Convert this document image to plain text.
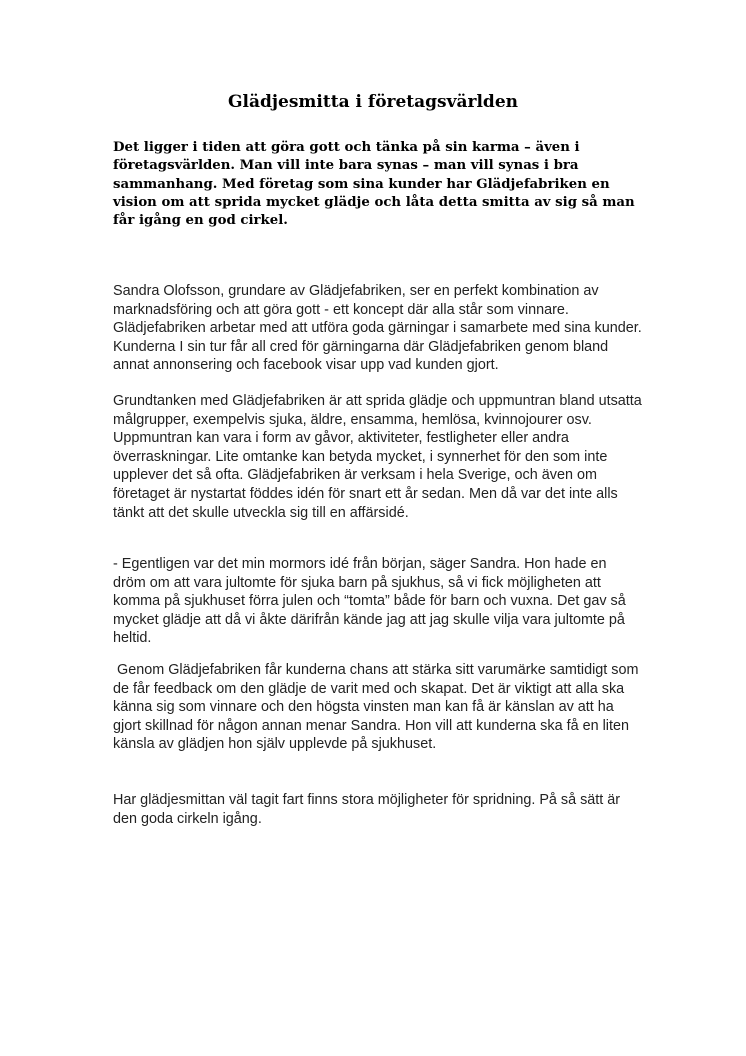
Glädjesmitta i företagsvärlden

Det ligger i tiden att göra gott och tänka på sin karma – även i företagsvärlden. Man vill inte bara synas – man vill synas i bra sammanhang. Med företag som sina kunder har Glädjefabriken en vision om att sprida mycket glädje och låta detta smitta av sig så man får igång en god cirkel.

Sandra Olofsson, grundare av Glädjefabriken, ser en perfekt kombination av marknadsföring och att göra gott - ett koncept där alla står som vinnare. Glädjefabriken arbetar med att utföra goda gärningar i samarbete med sina kunder. Kunderna I sin tur får all cred för gärningarna där Glädjefabriken genom bland annat annonsering och facebook visar upp vad kunden gjort.

Grundtanken med Glädjefabriken är att sprida glädje och uppmuntran bland utsatta målgrupper, exempelvis sjuka, äldre, ensamma, hemlösa, kvinnojourer osv. Uppmuntran kan vara i form av gåvor, aktiviteter, festligheter eller andra överraskningar. Lite omtanke kan betyda mycket, i synnerhet för den som inte upplever det så ofta. Glädjefabriken är verksam i hela Sverige, och även om företaget är nystartat föddes idén för snart ett år sedan. Men då var det inte alls tänkt att det skulle utveckla sig till en affärsidé.

- Egentligen var det min mormors idé från början, säger Sandra. Hon hade en dröm om att vara jultomte för sjuka barn på sjukhus, så vi fick möjligheten att komma på sjukhuset förra julen och “tomta” både för barn och vuxna. Det gav så mycket glädje att då vi åkte därifrån kände jag att jag skulle vilja vara jultomte på heltid.

Genom Glädjefabriken får kunderna chans att stärka sitt varumärke samtidigt som de får feedback om den glädje de varit med och skapat. Det är viktigt att alla ska känna sig som vinnare och den högsta vinsten man kan få är känslan av att ha gjort skillnad för någon annan menar Sandra. Hon vill att kunderna ska få en liten känsla av glädjen hon själv upplevde på sjukhuset.

Har glädjesmittan väl tagit fart finns stora möjligheter för spridning. På så sätt är den goda cirkeln igång.
